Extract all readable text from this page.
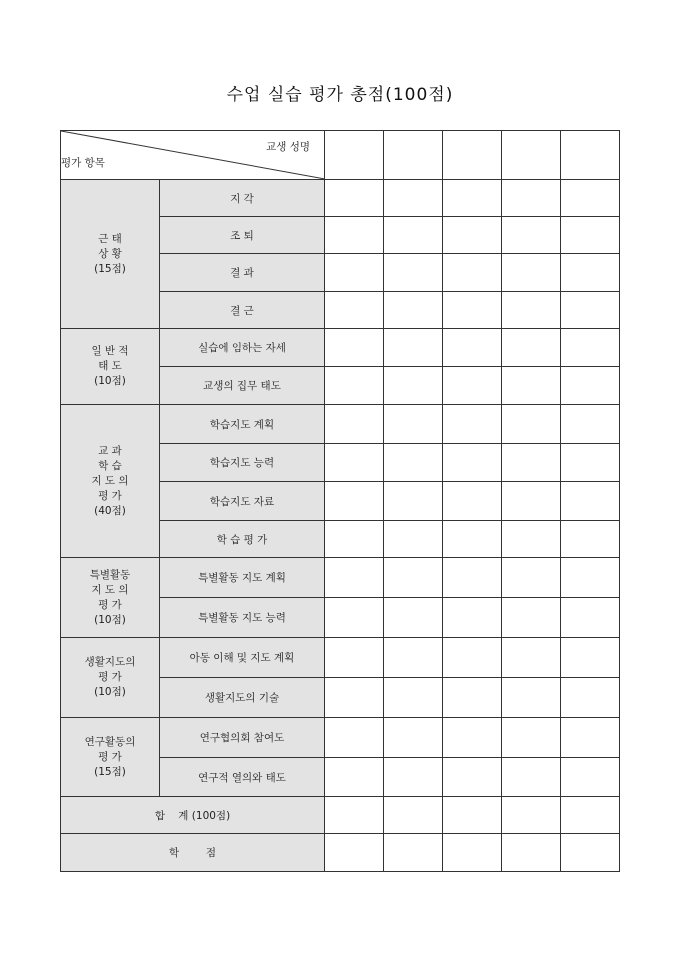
수업 실습 평가 총점(100점)
교생 성명
평가 항목						

근 태
상 황
(15점)	지 각					
	조 퇴					
	결 과					
	결 근					

일 반 적
태 도
(10점)	실습에 임하는 자세					
	교생의 집무 태도					

교 과
학 습
지 도 의
평 가
(40점)	학습지도 계획					
	학습지도 능력					
	학습지도 자료					
	학 습 평 가					

특별활동
지 도 의
평 가
(10점)	특별활동 지도 계획					
	특별활동 지도 능력					

생활지도의
평 가
(10점)	아동 이해 및 지도 계획					
	생활지도의 기술					

연구활동의
평 가
(15점)	연구협의회 참여도					
	연구적 열의와 태도					
합    계 (100점)						
학        점						
